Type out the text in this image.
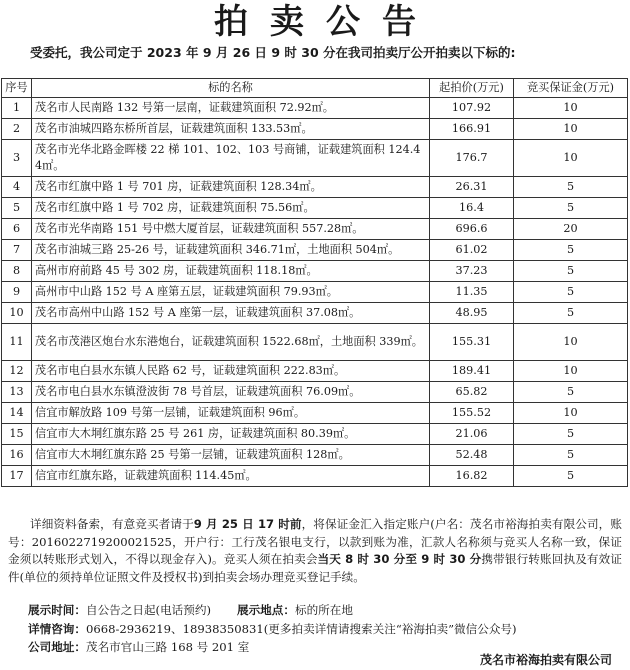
拍卖公告
受委托，我公司定于 2023 年 9 月 26 日 9 时 30 分在我司拍卖厅公开拍卖以下标的:
序号	标的名称	起拍价(万元)	竞买保证金(万元)
1	茂名市人民南路 132 号第一层南，证载建筑面积 72.92㎡。	107.92	10
2	茂名市油城四路东桥所首层，证载建筑面积 133.53㎡。	166.91	10
3	茂名市光华北路金晖楼 22 梯 101、102、103 号商铺，证载建筑面积 124.44㎡。	176.7	10
4	茂名市红旗中路 1 号 701 房，证载建筑面积 128.34㎡。	26.31	5
5	茂名市红旗中路 1 号 702 房，证载建筑面积 75.56㎡。	16.4	5
6	茂名市光华南路 151 号中燃大厦首层，证载建筑面积 557.28㎡。	696.6	20
7	茂名市油城三路 25-26 号，证载建筑面积 346.71㎡，土地面积 504㎡。	61.02	5
8	高州市府前路 45 号 302 房，证载建筑面积 118.18㎡。	37.23	5
9	高州市中山路 152 号 A 座第五层，证载建筑面积 79.93㎡。	11.35	5
10	茂名市高州中山路 152 号 A 座第一层，证载建筑面积 37.08㎡。	48.95	5
11	茂名市茂港区炮台水东港炮台，证载建筑面积 1522.68㎡，土地面积 339㎡。	155.31	10
12	茂名市电白县水东镇人民路 62 号，证载建筑面积 222.83㎡。	189.41	10
13	茂名市电白县水东镇澄波街 78 号首层，证载建筑面积 76.09㎡。	65.82	5
14	信宜市解放路 109 号第一层铺，证载建筑面积 96㎡。	155.52	10
15	信宜市大木垌红旗东路 25 号 261 房，证载建筑面积 80.39㎡。	21.06	5
16	信宜市大木垌红旗东路 25 号第一层铺，证载建筑面积 128㎡。	52.48	5
17	信宜市红旗东路，证载建筑面积 114.45㎡。	16.82	5
详细资料备索，有意竞买者请于9 月 25 日 17 时前，将保证金汇入指定账户(户名：茂名市裕海拍卖有限公司，账号：2016022719200021525，开户行：工行茂名银电支行，以款到账为准，汇款人名称须与竞买人名称一致，保证金须以转账形式划入，不得以现金存入)。竞买人须在拍卖会当天 8 时 30 分至 9 时 30 分携带银行转账回执及有效证件(单位的须持单位证照文件及授权书)到拍卖会场办理竞买登记手续。
展示时间：自公告之日起(电话预约) 展示地点：标的所在地
详情咨询：0668-2936219、18938350831(更多拍卖详情请搜索关注“裕海拍卖”微信公众号)
公司地址：茂名市官山三路 168 号 201 室
茂名市裕海拍卖有限公司
